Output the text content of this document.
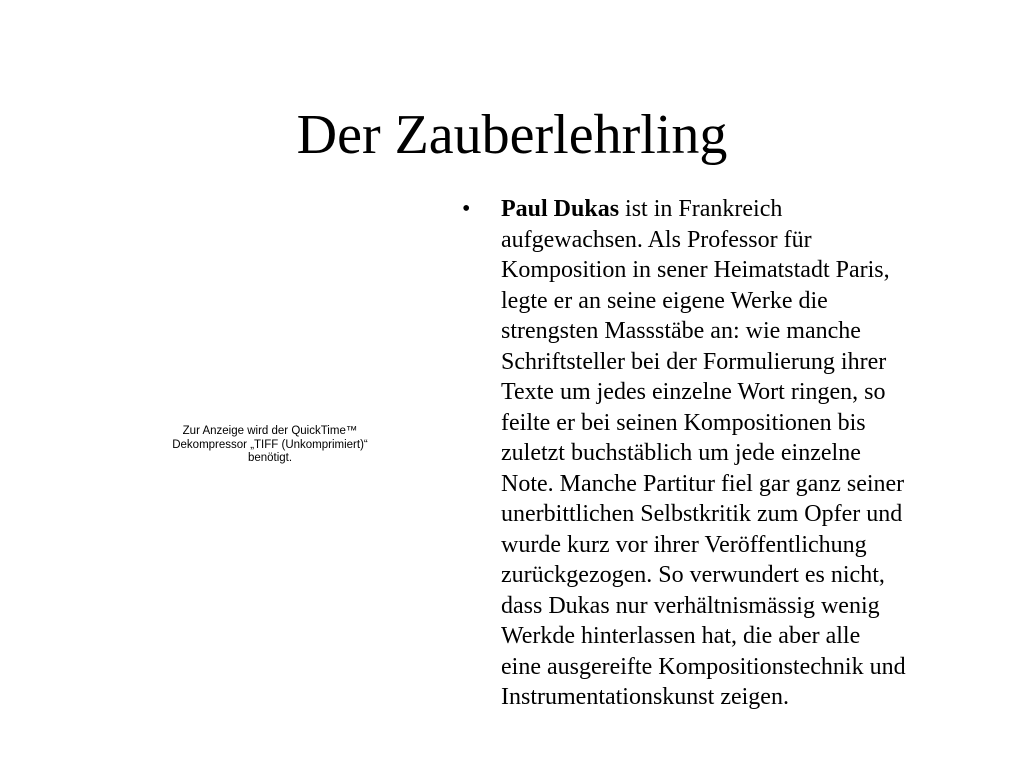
Der Zauberlehrling
Zur Anzeige wird der QuickTime™
Dekompressor „TIFF (Unkomprimiert)“
benötigt.
• Paul Dukas ist in Frankreich
aufgewachsen. Als Professor für
Komposition in sener Heimatstadt Paris,
legte er an seine eigene Werke die
strengsten Massstäbe an: wie manche
Schriftsteller bei der Formulierung ihrer
Texte um jedes einzelne Wort ringen, so
feilte er bei seinen Kompositionen bis
zuletzt buchstäblich um jede einzelne
Note. Manche Partitur fiel gar ganz seiner
unerbittlichen Selbstkritik zum Opfer und
wurde kurz vor ihrer Veröffentlichung
zurückgezogen. So verwundert es nicht,
dass Dukas nur verhältnismässig wenig
Werkde hinterlassen hat, die aber alle
eine ausgereifte Kompositionstechnik und
Instrumentationskunst zeigen.
